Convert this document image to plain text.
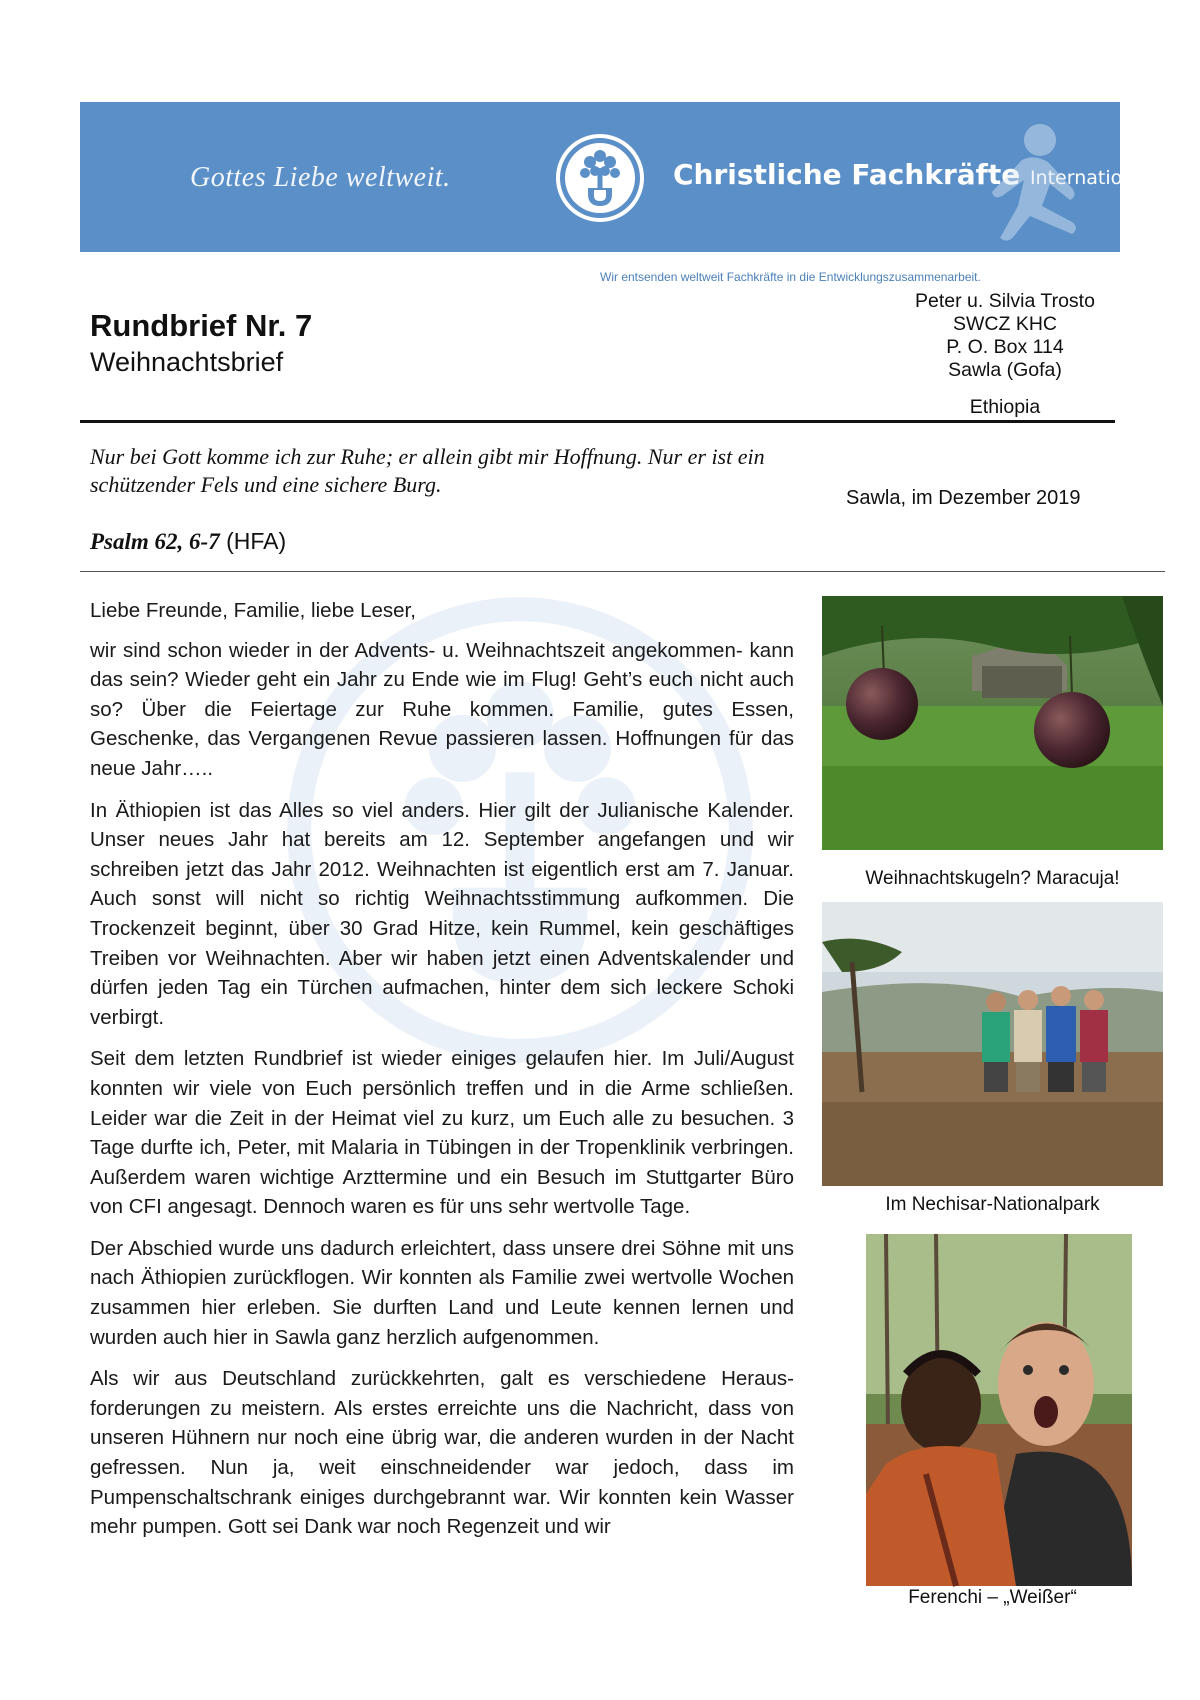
Gottes Liebe weltweit.	Christliche Fachkräfte International
Wir entsenden weltweit Fachkräfte in die Entwicklungszusammenarbeit.
Rundbrief Nr. 7
Weihnachtsbrief
Peter u. Silvia Trosto
SWCZ KHC
P. O. Box 114
Sawla (Gofa)
Ethiopia
Nur bei Gott komme ich zur Ruhe; er allein gibt mir Hoffnung. Nur er ist ein schützender Fels und eine sichere Burg.
Sawla, im Dezember 2019
Psalm 62, 6-7 (HFA)

Liebe Freunde, Familie, liebe Leser,

wir sind schon wieder in der Advents- u. Weihnachtszeit angekommen- kann das sein? Wieder geht ein Jahr zu Ende wie im Flug! Geht’s euch nicht auch so? Über die Feiertage zur Ruhe kommen. Familie, gutes Essen, Geschenke, das Vergangenen Revue passieren lassen. Hoffnungen für das neue Jahr…..

In Äthiopien ist das Alles so viel anders. Hier gilt der Julianische Kalender. Unser neues Jahr hat bereits am 12. September angefangen und wir schreiben jetzt das Jahr 2012. Weihnachten ist eigentlich erst am 7. Januar. Auch sonst will nicht so richtig Weihnachtsstimmung aufkommen. Die Trockenzeit beginnt, über 30 Grad Hitze, kein Rummel, kein geschäftiges Treiben vor Weihnachten. Aber wir haben jetzt einen Adventskalender und dürfen jeden Tag ein Türchen aufmachen, hinter dem sich leckere Schoki verbirgt.

Seit dem letzten Rundbrief ist wieder einiges gelaufen hier. Im Juli/August konnten wir viele von Euch persönlich treffen und in die Arme schließen. Leider war die Zeit in der Heimat viel zu kurz, um Euch alle zu besuchen. 3 Tage durfte ich, Peter, mit Malaria in Tübingen in der Tropenklinik verbringen. Außerdem waren wichtige Arzttermine und ein Besuch im Stuttgarter Büro von CFI angesagt. Dennoch waren es für uns sehr wertvolle Tage.

Der Abschied wurde uns dadurch erleichtert, dass unsere drei Söhne mit uns nach Äthiopien zurückflogen. Wir konnten als Familie zwei wertvolle Wochen zusammen hier erleben. Sie durften Land und Leute kennen lernen und wurden auch hier in Sawla ganz herzlich aufgenommen.

Als wir aus Deutschland zurückkehrten, galt es verschiedene Heraus- forderungen zu meistern. Als erstes erreichte uns die Nachricht, dass von unseren Hühnern nur noch eine übrig war, die anderen wurden in der Nacht gefressen. Nun ja, weit einschneidender war jedoch, dass im Pumpenschaltschrank einiges durchgebrannt war. Wir konnten kein Wasser mehr pumpen. Gott sei Dank war noch Regenzeit und wir

Weihnachtskugeln? Maracuja!
Im Nechisar-Nationalpark
Ferenchi – „Weißer“
